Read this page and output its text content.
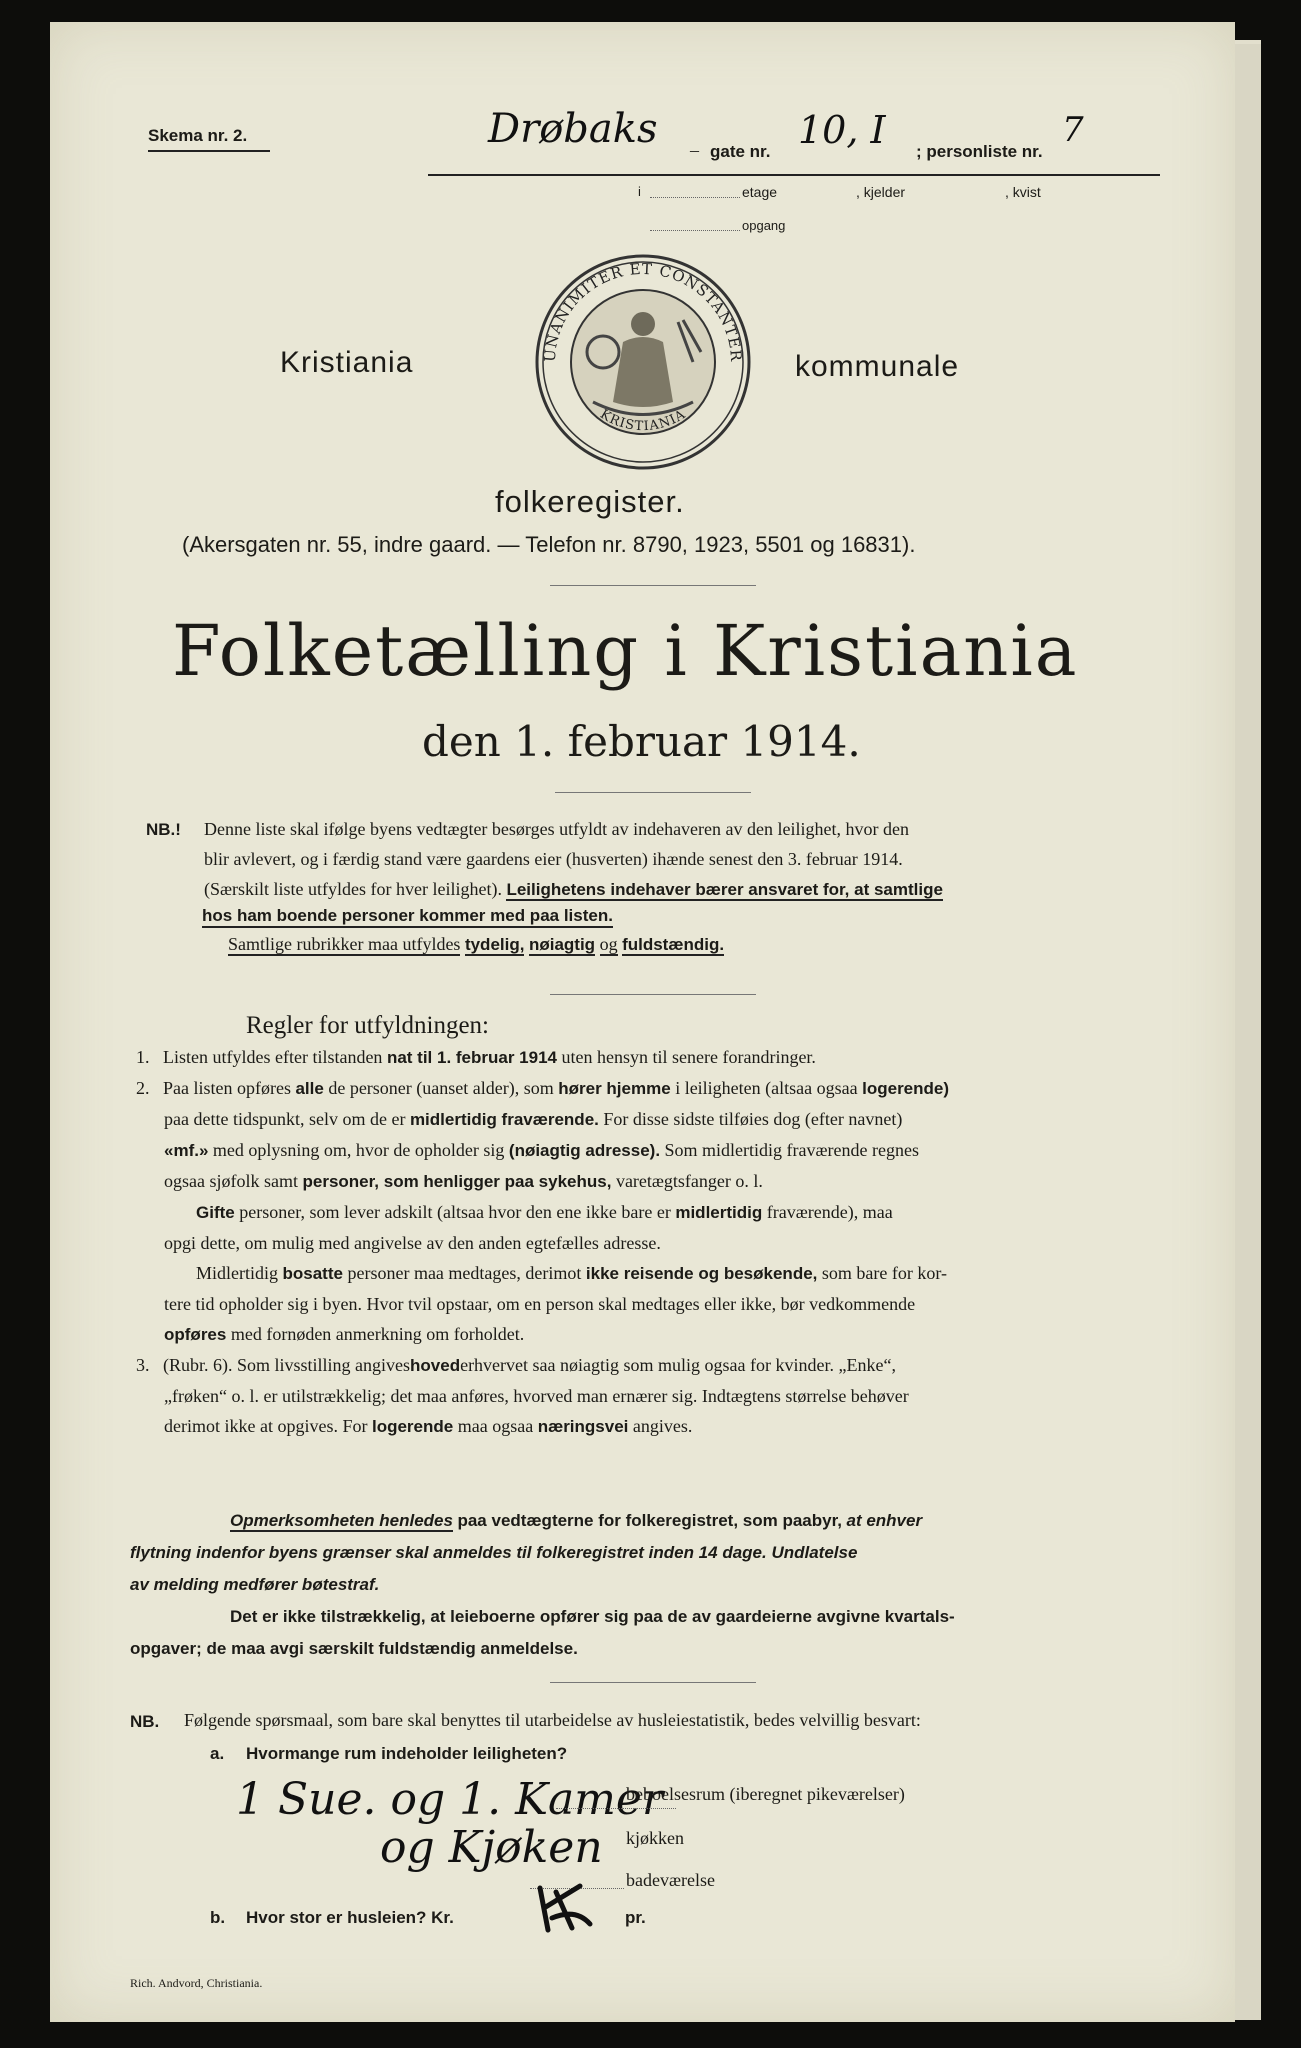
Skema nr. 2.	Drøbaks – gate nr. 10, I ; personliste nr.
7
i	etage	, kjelder	, kvist
opgang
UNANIMITER ET CONSTANTER
KRISTIANIA
Kristiania	kommunale
folkeregister.
(Akersgaten nr. 55, indre gaard. — Telefon nr. 8790, 1923, 5501 og 16831).
Folketælling i Kristiania
den 1. februar 1914.
NB.! Denne liste skal ifølge byens vedtægter besørges utfyldt av indehaveren av den leilighet, hvor den
blir avlevert, og i færdig stand være gaardens eier (husverten) ihænde senest den 3. februar 1914.
(Særskilt liste utfyldes for hver leilighet). Leilighetens indehaver bærer ansvaret for, at samtlige
hos ham boende personer kommer med paa listen.
Samtlige rubrikker maa utfyldes tydelig, nøiagtig og fuldstændig.
Regler for utfyldningen:
1. Listen utfyldes efter tilstanden nat til 1. februar 1914 uten hensyn til senere forandringer.
2. Paa listen opføres alle de personer (uanset alder), som hører hjemme i leiligheten (altsaa ogsaa logerende)
paa dette tidspunkt, selv om de er midlertidig fraværende. For disse sidste tilføies dog (efter navnet)
«mf.» med oplysning om, hvor de opholder sig (nøiagtig adresse). Som midlertidig fraværende regnes
ogsaa sjøfolk samt personer, som henligger paa sykehus, varetægtsfanger o. l.
Gifte personer, som lever adskilt (altsaa hvor den ene ikke bare er midlertidig fraværende), maa
opgi dette, om mulig med angivelse av den anden egtefælles adresse.
Midlertidig bosatte personer maa medtages, derimot ikke reisende og besøkende, som bare for kor-
tere tid opholder sig i byen. Hvor tvil opstaar, om en person skal medtages eller ikke, bør vedkommende
opføres med fornøden anmerkning om forholdet.
3. (Rubr. 6). Som livsstilling angiveshovederhvervet saa nøiagtig som mulig ogsaa for kvinder. „Enke“,
„frøken“ o. l. er utilstrækkelig; det maa anføres, hvorved man ernærer sig. Indtægtens størrelse behøver
derimot ikke at opgives. For logerende maa ogsaa næringsvei angives.
Opmerksomheten henledes paa vedtægterne for folkeregistret, som paabyr, at enhver
flytning indenfor byens grænser skal anmeldes til folkeregistret inden 14 dage. Undlatelse
av melding medfører bøtestraf.
Det er ikke tilstrækkelig, at leieboerne opfører sig paa de av gaardeierne avgivne kvartals-
opgaver; de maa avgi særskilt fuldstændig anmeldelse.
NB. Følgende spørsmaal, som bare skal benyttes til utarbeidelse av husleiestatistik, bedes velvillig besvart:
a. Hvormange rum indeholder leiligheten?
1 Sue. og 1. Kamer
og Kjøken
beboelsesrum (iberegnet pikeværelser)
kjøkken
badeværelse
b. Hvor stor er husleien? Kr.	pr.
Rich. Andvord, Christiania.
